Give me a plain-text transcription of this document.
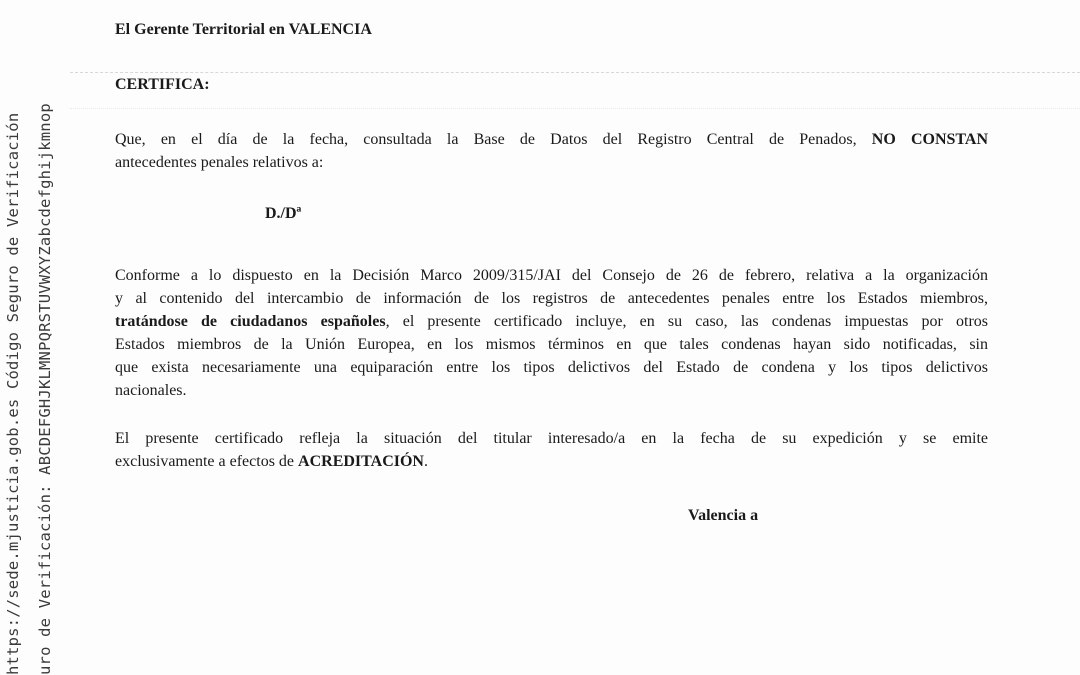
https://sede.mjusticia.gob.es Código Seguro de Verificación uro de Verificación: ABCDEFGHJKLMNPQRSTUVWXYZabcdefghijkmnop
El Gerente Territorial en VALENCIA
CERTIFICA:
Que, en el día de la fecha, consultada la Base de Datos del Registro Central de Penados, NO CONSTAN
antecedentes penales relativos a:
D./Dª
Conforme a lo dispuesto en la Decisión Marco 2009/315/JAI del Consejo de 26 de febrero, relativa a la organización
y al contenido del intercambio de información de los registros de antecedentes penales entre los Estados miembros,
tratándose de ciudadanos españoles, el presente certificado incluye, en su caso, las condenas impuestas por otros
Estados miembros de la Unión Europea, en los mismos términos en que tales condenas hayan sido notificadas, sin
que exista necesariamente una equiparación entre los tipos delictivos del Estado de condena y los tipos delictivos
nacionales.
El presente certificado refleja la situación del titular interesado/a en la fecha de su expedición y se emite
exclusivamente a efectos de ACREDITACIÓN.
Valencia a
